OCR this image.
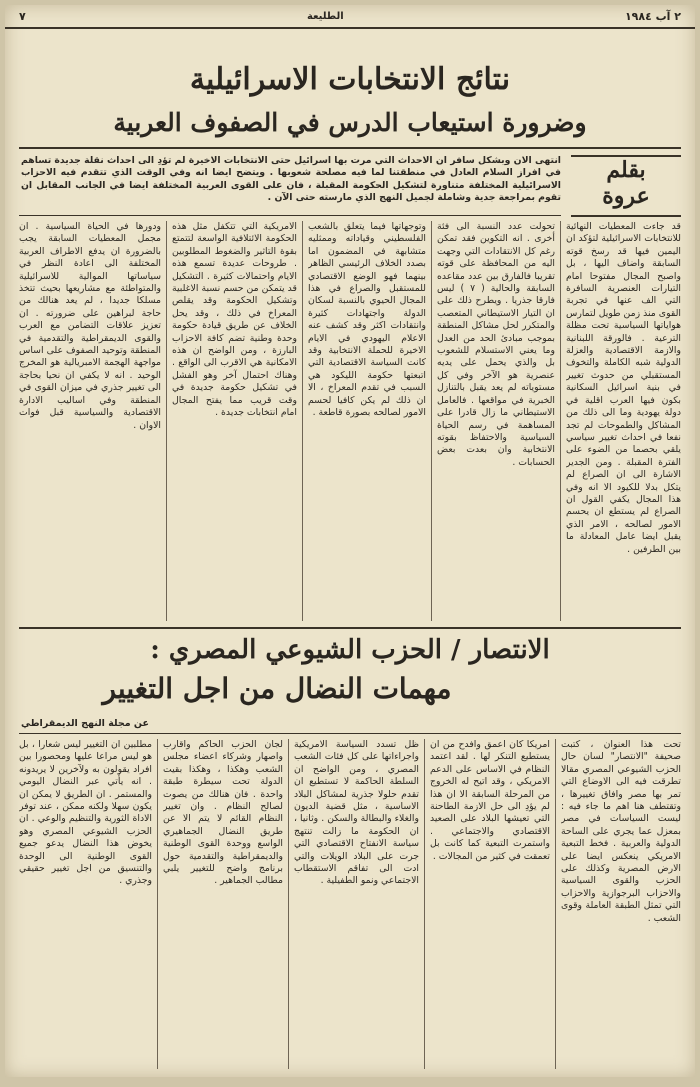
٢ آب ١٩٨٤
الطليعة
٧
نتائج الانتخابات الاسرائيلية
وضرورة استيعاب الدرس في الصفوف العربية
بقلم
عروة

انتهى الان وبشكل سافر ان الاحداث التي مرت بها اسرائيل حتى الانتخابات الاخيرة لم تؤدِ الى احداث نقلة جديدة تساهم في افراز السلام العادل في منطقتنا لما فيه مصلحة شعوبها . ويتضح ايضا انه وفي الوقت الذي تتقدم فيه الاحزاب الاسرائيلية المختلفة متناورة لتشكيل الحكومة المقبلة ، فان على القوى العربية المختلفة ايضا في الجانب المقابل ان تقوم بمراجعة جدية وشاملة لجميل النهج الذي مارسته حتى الآن .

قد جاءت المعطيات النهائية للانتخابات الاسرائيلية لتؤكد ان اليمين فيها قد رسخ قوته السابقة واضاف اليها ، بل واصبح المجال مفتوحا امام التيارات العنصرية السافرة التي الف عنها في تجربة القوى منذ زمن طويل لتمارس هواياتها السياسية تحت مظلة الترعية . فالورقة اللبنانية والازمة الاقتصادية والعزلة الدولية شبه الكاملة والتخوف المستقبلي من حدوث تغيير في بنية اسرائيل السكانية بكون فيها العرب اقلية في دولة يهودية وما الى ذلك من المشاكل والطموحات لم تجد نفعا في احداث تغيير سياسي يلقي بحصما من الضوء على الفترة المقبلة . ومن الجدير الاشارة الى ان الصراع لم يتكل بدلا للكيود الا انه وفي هذا المجال يكفي القول ان الصراع لم يستطع ان يحسم الامور لصالحه ، الامر الذي يقبل ايضا عامل المعادلة ما بين الطرفين .

تحولت عدد النسبة الى فئة أخرى . انه التكوين فقد تمكن رغم كل الانتقادات التي وجهت اليه من المحافظة على قوته تقريبا فالفارق بين عدد مقاعده السابقة والحالية ( ٧ ) ليس فارقا جذريا . ويطرح ذلك على ان التيار الاستيطاني المتعصب والمتكرر لحل مشاكل المنطقة بموجب مبادئ الحد من العدل وما يعني الاستسلام للشعوب بل والذي يحمل على يديه عنصرية هو الآخر وفي كل مستوياته لم يعد يقبل بالتنازل الخبرية في مواقعها . فالعامل الاستيطاني ما زال قادرا على المساهمة في رسم الحياة السياسية والاحتفاظ بقوته الانتخابية وان بعدت بعض الحسابات .

وتوجهاتها فيما يتعلق بالشعب الفلسطيني وقياداته وممثليه متشابهة في المضمون اما بصدد الخلاف الرئيسي الظاهر بينهما فهو الوضع الاقتصادي للمستقبل والصراع في هذا المجال الحيوي بالنسبة لسكان الدولة واجتهادات كثيرة وانتقادات اكثر وقد كشف عنه الاعلام اليهودي في الايام الاخيرة للحملة الانتخابية وقد كانت السياسة الاقتصادية التي اتبعتها حكومة الليكود هي السبب في تقدم المعراخ ، الا ان ذلك لم يكن كافيا لحسم الامور لصالحه بصورة قاطعة .

الامريكية التي تتكفل مثل هذه الحكومة الائتلافية الواسعة لتتمتع بقوة التاثير والضغوط المطلوبين . طروحات عديدة تسمع هذه الايام واحتمالات كثيرة . التشكيل قد يتمكن من حسم نسبة الاغلبية وتشكيل الحكومة وقد يقلص المعراخ في ذلك ، وقد يحل الخلاف عن طريق قيادة حكومة وحدة وطنية تضم كافة الاحزاب البارزة ، ومن الواضح ان هذه الامكانية هي الاقرب الى الواقع . وهناك احتمال آخر وهو الفشل في تشكيل حكومة جديدة في وقت قريب مما يفتح المجال امام انتخابات جديدة .

ودورها في الحياة السياسية . ان مجمل المعطيات السابقة يجب بالضرورة ان يدفع الاطراف العربية المختلفة الى اعادة النظر في سياساتها الموالية للاسرائيلية والمتواطئة مع مشاريعها بحيث تتخذ مسلكا جديدا ، لم يعد هنالك من حاجة لبراهين على ضرورته . ان تعزيز علاقات التضامن مع العرب والقوى الديمقراطية والتقدمية في المنطقة وتوحيد الصفوف على اساس مواجهة الهجمة الامبريالية هو المخرج الوحيد . انه لا يكفي ان نحيا بحاجة الى تغيير جذري في ميزان القوى في المنطقة وفي اساليب الادارة الاقتصادية والسياسية قبل فوات الاوان .

الانتصار / الحزب الشيوعي المصري :
مهمات النضال من اجل التغيير
عن مجلة النهج الديمقراطي

تحت هذا العنوان ، كتبت صحيفة "الانتصار" لسان حال الحزب الشيوعي المصري مقالا تطرقت فيه الى الاوضاع التي تمر بها مصر وافاق تغييرها ، وتقتطف هنا اهم ما جاء فيه : ليست السياسات في مصر بمعزل عما يجري على الساحة الدولية والعربية . فخط التبعية الامريكي ينعكس ايضا على الارض المصرية وكذلك على الحزب والقوى السياسية والاحزاب البرجوازية والاحزاب التي تمثل الطبقة العاملة وقوى الشعب .

امريكا كان اعمق وافدح من ان يستطيع التنكر لها . لقد اعتمد النظام في الاساس على الدعم الامريكي ، وقد اتيح له الخروج من المرحلة السابقة الا ان هذا لم يؤدِ الى حل الازمة الطاحنة التي تعيشها البلاد على الصعيد الاقتصادي والاجتماعي . واستمرت التبعية كما كانت بل تعمقت في كثير من المجالات .

ظل تسدد السياسة الامريكية واجراءاتها على كل فئات الشعب المصري ، ومن الواضح ان السلطة الحاكمة لا تستطيع ان تقدم حلولا جذرية لمشاكل البلاد الاساسية ، مثل قضية الديون والغلاء والبطالة والسكن . وثانيا ، ان الحكومة ما زالت تنتهج سياسة الانفتاح الاقتصادي التي جرت على البلاد الويلات والتي ادت الى تفاقم الاستقطاب الاجتماعي ونمو الطفيلية .

لجان الحزب الحاكم واقارب واصهار وشركاء اعضاء مجلس الشعب وهكذا ، وهكذا بقيت الدولة تحت سيطرة طبقة واحدة . فان هنالك من يصوت لصالح النظام . وان تغيير النظام القائم لا يتم الا عن طريق النضال الجماهيري الواسع ووحدة القوى الوطنية والديمقراطية والتقدمية حول برنامج واضح للتغيير يلبي مطالب الجماهير .

مطلبين ان التغيير ليس شعارا ، بل هو ليس مراعا عليها ومحصورا بين افراد يقولون به ولآخرين لا يريدونه . انه يأتي عبر النضال اليومي والمستمر . ان الطريق لا يمكن ان يكون سهلا ولكنه ممكن ، عند توفر الاداة الثورية والتنظيم والوعي . ان الحزب الشيوعي المصري وهو يخوض هذا النضال يدعو جميع القوى الوطنية الى الوحدة والتنسيق من اجل تغيير حقيقي وجذري .
